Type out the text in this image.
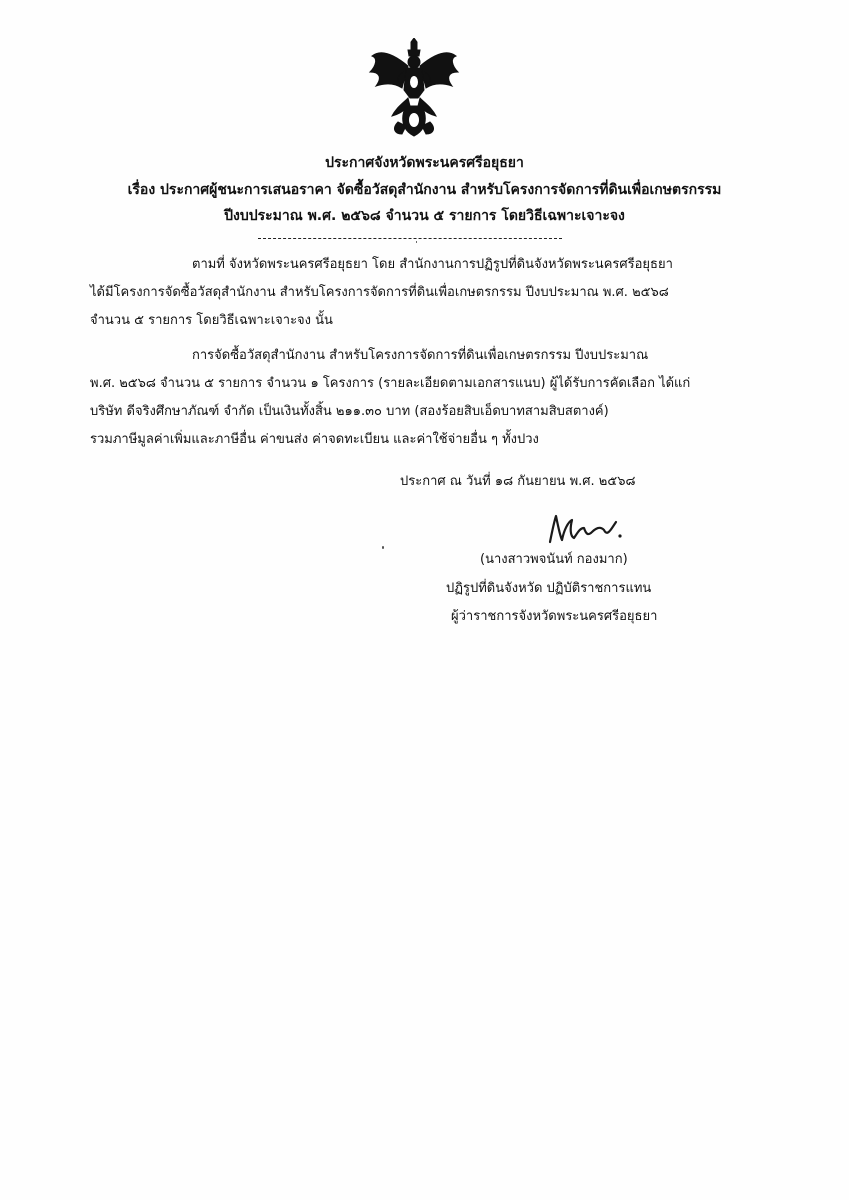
ประกาศจังหวัดพระนครศรีอยุธยา
เรื่อง ประกาศผู้ชนะการเสนอราคา จัดซื้อวัสดุสำนักงาน สำหรับโครงการจัดการที่ดินเพื่อเกษตรกรรม
ปีงบประมาณ พ.ศ. ๒๕๖๘ จำนวน ๕ รายการ โดยวิธีเฉพาะเจาะจง
ตามที่ จังหวัดพระนครศรีอยุธยา โดย สำนักงานการปฏิรูปที่ดินจังหวัดพระนครศรีอยุธยา
ได้มีโครงการจัดซื้อวัสดุสำนักงาน สำหรับโครงการจัดการที่ดินเพื่อเกษตรกรรม ปีงบประมาณ พ.ศ. ๒๕๖๘
จำนวน ๕ รายการ โดยวิธีเฉพาะเจาะจง นั้น
การจัดซื้อวัสดุสำนักงาน สำหรับโครงการจัดการที่ดินเพื่อเกษตรกรรม ปีงบประมาณ
พ.ศ. ๒๕๖๘ จำนวน ๕ รายการ จำนวน ๑ โครงการ (รายละเอียดตามเอกสารแนบ) ผู้ได้รับการคัดเลือก ได้แก่
บริษัท ดีจริงศึกษาภัณฑ์ จำกัด เป็นเงินทั้งสิ้น ๒๑๑.๓๐ บาท (สองร้อยสิบเอ็ดบาทสามสิบสตางค์)
รวมภาษีมูลค่าเพิ่มและภาษีอื่น ค่าขนส่ง ค่าจดทะเบียน และค่าใช้จ่ายอื่น ๆ ทั้งปวง
ประกาศ ณ วันที่ ๑๘ กันยายน พ.ศ. ๒๕๖๘
(นางสาวพจนันท์ กองมาก)
ปฏิรูปที่ดินจังหวัด ปฏิบัติราชการแทน
ผู้ว่าราชการจังหวัดพระนครศรีอยุธยา
